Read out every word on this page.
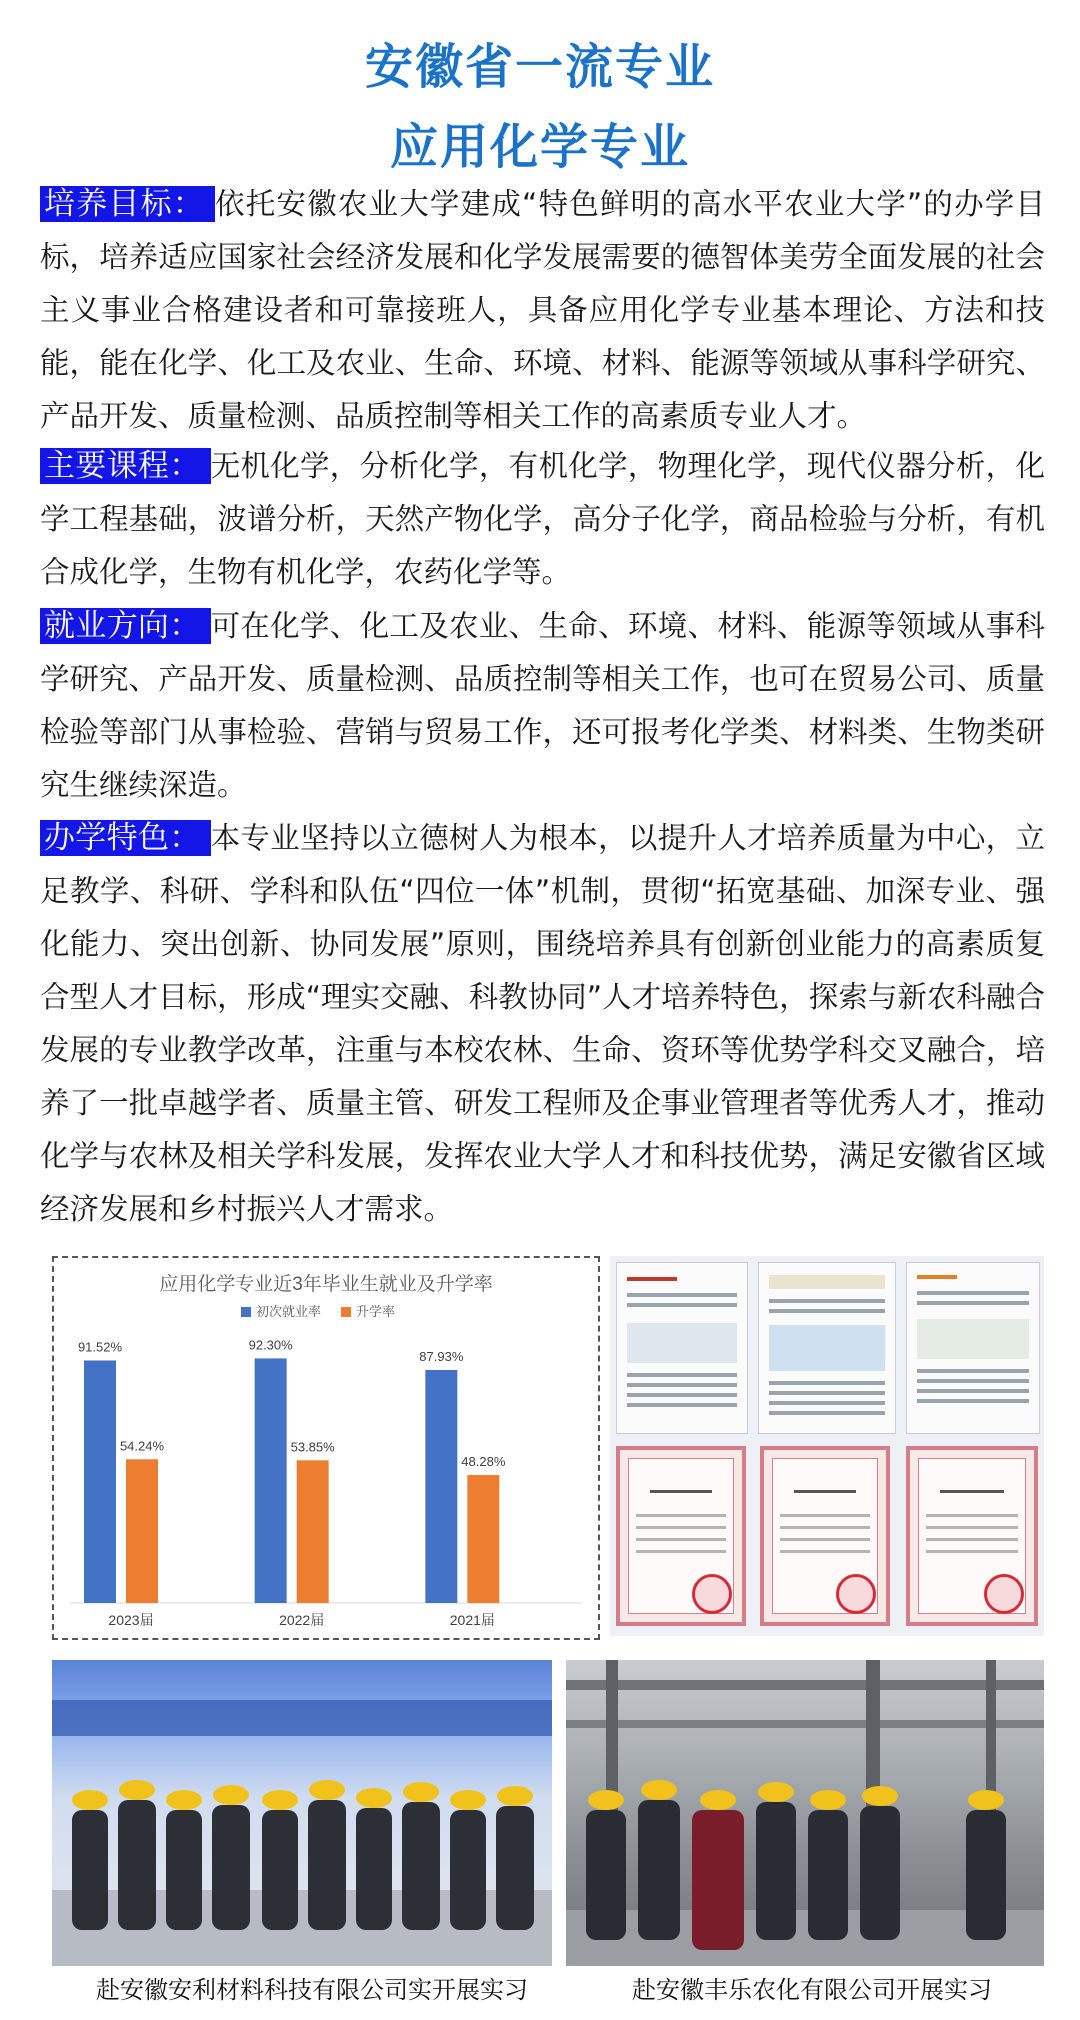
安徽省一流专业
应用化学专业
培养目标： 依托安徽农业大学建成“特色鲜明的高水平农业大学”的办学目标，培养适应国家社会经济发展和化学发展需要的德智体美劳全面发展的社会主义事业合格建设者和可靠接班人，具备应用化学专业基本理论、方法和技能，能在化学、化工及农业、生命、环境、材料、能源等领域从事科学研究、产品开发、质量检测、品质控制等相关工作的高素质专业人才。
主要课程： 无机化学，分析化学，有机化学，物理化学，现代仪器分析，化学工程基础，波谱分析，天然产物化学，高分子化学，商品检验与分析，有机合成化学，生物有机化学，农药化学等。
就业方向： 可在化学、化工及农业、生命、环境、材料、能源等领域从事科学研究、产品开发、质量检测、品质控制等相关工作，也可在贸易公司、质量检验等部门从事检验、营销与贸易工作，还可报考化学类、材料类、生物类研究生继续深造。
办学特色： 本专业坚持以立德树人为根本，以提升人才培养质量为中心，立足教学、科研、学科和队伍“四位一体”机制，贯彻“拓宽基础、加深专业、强化能力、突出创新、协同发展”原则，围绕培养具有创新创业能力的高素质复合型人才目标，形成“理实交融、科教协同”人才培养特色，探索与新农科融合发展的专业教学改革，注重与本校农林、生命、资环等优势学科交叉融合，培养了一批卓越学者、质量主管、研发工程师及企事业管理者等优秀人才，推动化学与农林及相关学科发展，发挥农业大学人才和科技优势，满足安徽省区域经济发展和乡村振兴人才需求。
应用化学专业近3年毕业生就业及升学率
初次就业率	升学率
91.52%
54.24%
2023届
92.30%
53.85%
2022届
87.93%
48.28%
2021届
赴安徽安利材料科技有限公司实开展实习	赴安徽丰乐农化有限公司开展实习
